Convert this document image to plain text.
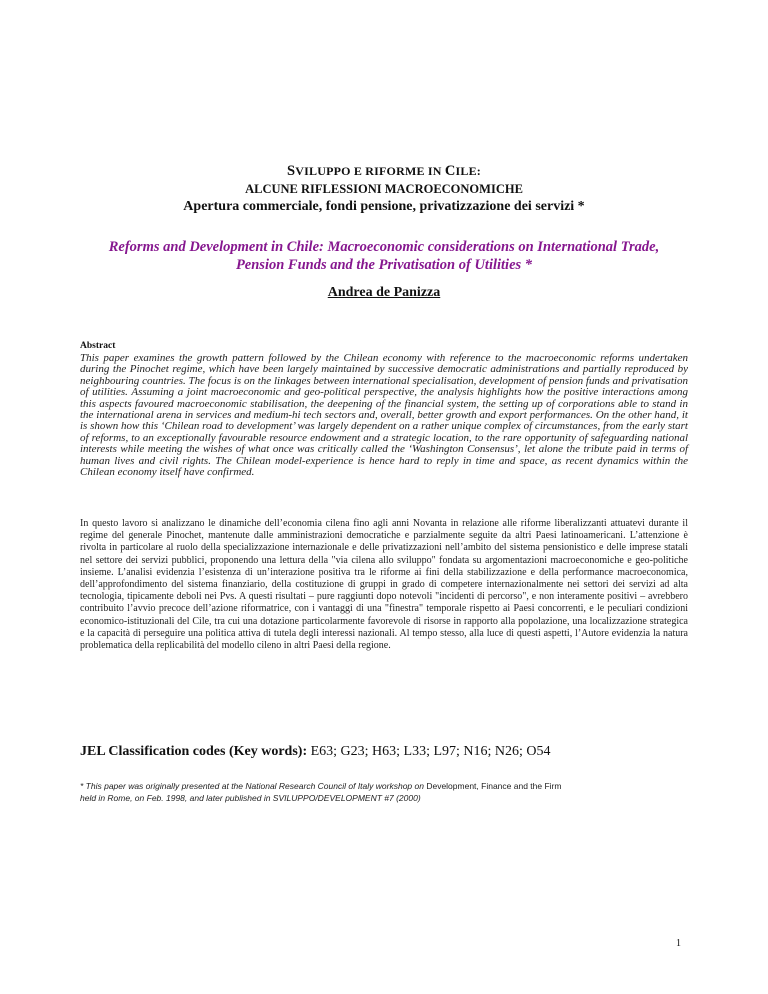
SVILUPPO E RIFORME IN CILE:
ALCUNE RIFLESSIONI MACROECONOMICHE
Apertura commerciale, fondi pensione, privatizzazione dei servizi *
Reforms and Development in Chile: Macroeconomic considerations on International Trade, Pension Funds and the Privatisation of Utilities *
Andrea de Panizza
Abstract
This paper examines the growth pattern followed by the Chilean economy with reference to the macroeconomic reforms undertaken during the Pinochet regime, which have been largely maintained by successive democratic administrations and partially reproduced by neighbouring countries. The focus is on the linkages between international specialisation, development of pension funds and privatisation of utilities. Assuming a joint macroeconomic and geo-political perspective, the analysis highlights how the positive interactions among this aspects favoured macroeconomic stabilisation, the deepening of the financial system, the setting up of corporations able to stand in the international arena in services and medium-hi tech sectors and, overall, better growth and export performances. On the other hand, it is shown how this ‘Chilean road to development’ was largely dependent on a rather unique complex of circumstances, from the early start of reforms, to an exceptionally favourable resource endowment and a strategic location, to the rare opportunity of safeguarding national interests while meeting the wishes of what once was critically called the ‘Washington Consensus’, let alone the tribute paid in terms of human lives and civil rights. The Chilean model-experience is hence hard to reply in time and space, as recent dynamics within the Chilean economy itself have confirmed.
In questo lavoro si analizzano le dinamiche dell’economia cilena fino agli anni Novanta in relazione alle riforme liberalizzanti attuatevi durante il regime del generale Pinochet, mantenute dalle amministrazioni democratiche e parzialmente seguite da altri Paesi latinoamericani. L’attenzione è rivolta in particolare al ruolo della specializzazione internazionale e delle privatizzazioni nell’ambito del sistema pensionistico e delle imprese statali nel settore dei servizi pubblici, proponendo una lettura della "via cilena allo sviluppo" fondata su argomentazioni macroeconomiche e geo-politiche insieme. L’analisi evidenzia l’esistenza di un’interazione positiva tra le riforme ai fini della stabilizzazione e della performance macroeconomica, dell’approfondimento del sistema finanziario, della costituzione di gruppi in grado di competere internazionalmente nei settori dei servizi ad alta tecnologia, tipicamente deboli nei Pvs. A questi risultati – pure raggiunti dopo notevoli "incidenti di percorso", e non interamente positivi – avrebbero contribuito l’avvio precoce dell’azione riformatrice, con i vantaggi di una "finestra" temporale rispetto ai Paesi concorrenti, e le peculiari condizioni economico-istituzionali del Cile, tra cui una dotazione particolarmente favorevole di risorse in rapporto alla popolazione, una localizzazione strategica e la capacità di perseguire una politica attiva di tutela degli interessi nazionali. Al tempo stesso, alla luce di questi aspetti, l’Autore evidenzia la natura problematica della replicabilità del modello cileno in altri Paesi della regione.
JEL Classification codes (Key words): E63; G23; H63; L33; L97; N16; N26; O54
* This paper was originally presented at the National Research Council of Italy workshop on Development, Finance and the Firm
held in Rome, on Feb. 1998, and later published in SVILUPPO/DEVELOPMENT #7 (2000)
1
